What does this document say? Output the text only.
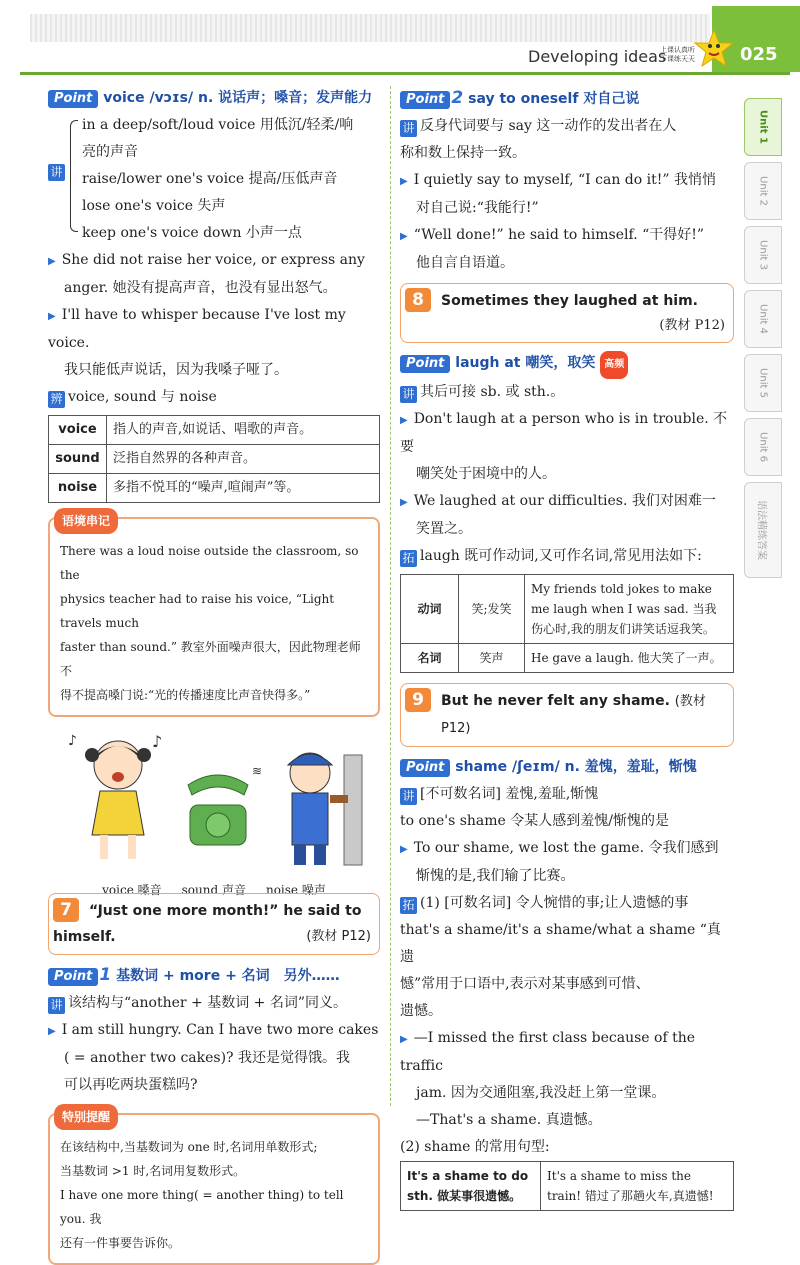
Developing ideas
上课认真听
下课练天天	025
Unit 1
Unit 2
Unit 3
Unit 4
Unit 5
Unit 6
语法精练答案
Point voice /vɔɪs/ n. 说话声；嗓音；发声能力
讲

in a deep/soft/loud voice 用低沉/轻柔/响

亮的声音

raise/lower one's voice 提高/压低声音

lose one's voice 失声

keep one's voice down 小声一点

▶ She did not raise her voice, or express any

anger. 她没有提高声音，也没有显出怒气。

▶ I'll have to whisper because I've lost my voice.

我只能低声说话，因为我嗓子哑了。

辨 voice, sound 与 noise

voice	指人的声音,如说话、唱歌的声音。
sound	泛指自然界的各种声音。
noise	多指不悦耳的“噪声,喧闹声”等。
语境串记
There was a loud noise outside the classroom, so the
physics teacher had to raise his voice, “Light travels much
faster than sound.” 教室外面噪声很大，因此物理老师不
得不提高嗓门说:“光的传播速度比声音快得多。”
♪
♪
≋
voice 嗓音 sound 声音 noise 噪声
7	“Just one more month!” he said to
himself.	(教材 P12)
Point 1 基数词 + more + 名词　另外……

讲 该结构与“another + 基数词 + 名词”同义。

▶ I am still hungry. Can I have two more cakes

( = another two cakes)? 我还是觉得饿。我

可以再吃两块蛋糕吗?

特别提醒
在该结构中,当基数词为 one 时,名词用单数形式;
当基数词 >1 时,名词用复数形式。
I have one more thing( = another thing) to tell you. 我
还有一件事要告诉你。
Point 2 say to oneself 对自己说

讲 反身代词要与 say 这一动作的发出者在人

称和数上保持一致。

▶ I quietly say to myself, “I can do it!” 我悄悄

对自己说:“我能行!”

▶ “Well done!” he said to himself. “干得好!”

他自言自语道。

8	Sometimes they laughed at him.
(教材 P12)
Point laugh at 嘲笑，取笑 高频

讲 其后可接 sb. 或 sth.。

▶ Don't laugh at a person who is in trouble. 不要

嘲笑处于困境中的人。

▶ We laughed at our difficulties. 我们对困难一

笑置之。

拓 laugh 既可作动词,又可作名词,常见用法如下:

动词	笑;发笑	My friends told jokes to make me laugh when I was sad. 当我伤心时,我的朋友们讲笑话逗我笑。
名词	笑声	He gave a laugh. 他大笑了一声。
9	But he never felt any shame. (教材 P12)
Point shame /ʃeɪm/ n. 羞愧，羞耻，惭愧

讲 [不可数名词] 羞愧,羞耻,惭愧

to one's shame 令某人感到羞愧/惭愧的是

▶ To our shame, we lost the game. 令我们感到

惭愧的是,我们输了比赛。

拓 (1) [可数名词] 令人惋惜的事;让人遗憾的事

that's a shame/it's a shame/what a shame “真遗

憾”常用于口语中,表示对某事感到可惜、

遗憾。

▶ —I missed the first class because of the traffic

jam. 因为交通阻塞,我没赶上第一堂课。

—That's a shame. 真遗憾。

(2) shame 的常用句型:

It's a shame to do sth. 做某事很遗憾。	It's a shame to miss the train! 错过了那趟火车,真遗憾!
